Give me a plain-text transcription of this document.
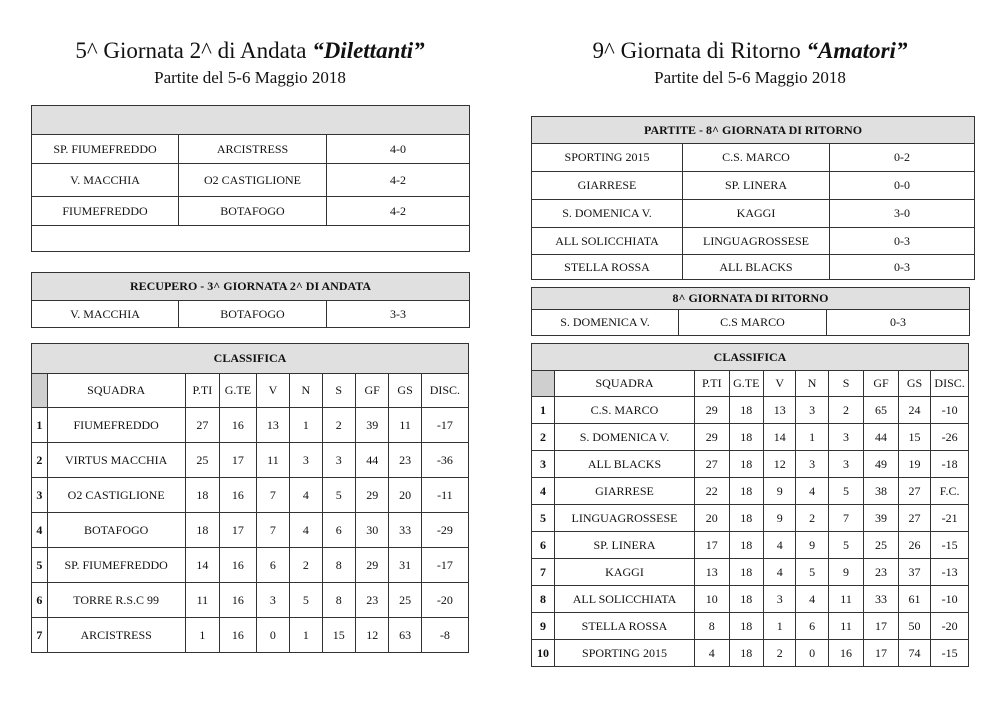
5^ Giornata 2^ di Andata “Dilettanti”
Partite del 5-6 Maggio 2018

SP. FIUMEFREDDO	ARCISTRESS	4-0
V. MACCHIA	O2 CASTIGLIONE	4-2
FIUMEFREDDO	BOTAFOGO	4-2

RECUPERO - 3^ GIORNATA 2^ DI ANDATA
V. MACCHIA	BOTAFOGO	3-3
CLASSIFICA									
	SQUADRA	P.TI	G.TE	V	N	S	GF	GS	DISC.
1	FIUMEFREDDO	27	16	13	1	2	39	11	-17
2	VIRTUS MACCHIA	25	17	11	3	3	44	23	-36
3	O2 CASTIGLIONE	18	16	7	4	5	29	20	-11
4	BOTAFOGO	18	17	7	4	6	30	33	-29
5	SP. FIUMEFREDDO	14	16	6	2	8	29	31	-17
6	TORRE R.S.C 99	11	16	3	5	8	23	25	-20
7	ARCISTRESS	1	16	0	1	15	12	63	-8
9^ Giornata di Ritorno “Amatori”
Partite del 5-6 Maggio 2018
PARTITE - 8^ GIORNATA DI RITORNO		
SPORTING 2015	C.S. MARCO	0-2
GIARRESE	SP. LINERA	0-0
S. DOMENICA V.	KAGGI	3-0
ALL SOLICCHIATA	LINGUAGROSSESE	0-3
STELLA ROSSA	ALL BLACKS	0-3
8^ GIORNATA DI RITORNO
S. DOMENICA V.	C.S MARCO	0-3
CLASSIFICA									
	SQUADRA	P.TI	G.TE	V	N	S	GF	GS	DISC.
1	C.S. MARCO	29	18	13	3	2	65	24	-10
2	S. DOMENICA V.	29	18	14	1	3	44	15	-26
3	ALL BLACKS	27	18	12	3	3	49	19	-18
4	GIARRESE	22	18	9	4	5	38	27	F.C.
5	LINGUAGROSSESE	20	18	9	2	7	39	27	-21
6	SP. LINERA	17	18	4	9	5	25	26	-15
7	KAGGI	13	18	4	5	9	23	37	-13
8	ALL SOLICCHIATA	10	18	3	4	11	33	61	-10
9	STELLA ROSSA	8	18	1	6	11	17	50	-20
10	SPORTING 2015	4	18	2	0	16	17	74	-15
